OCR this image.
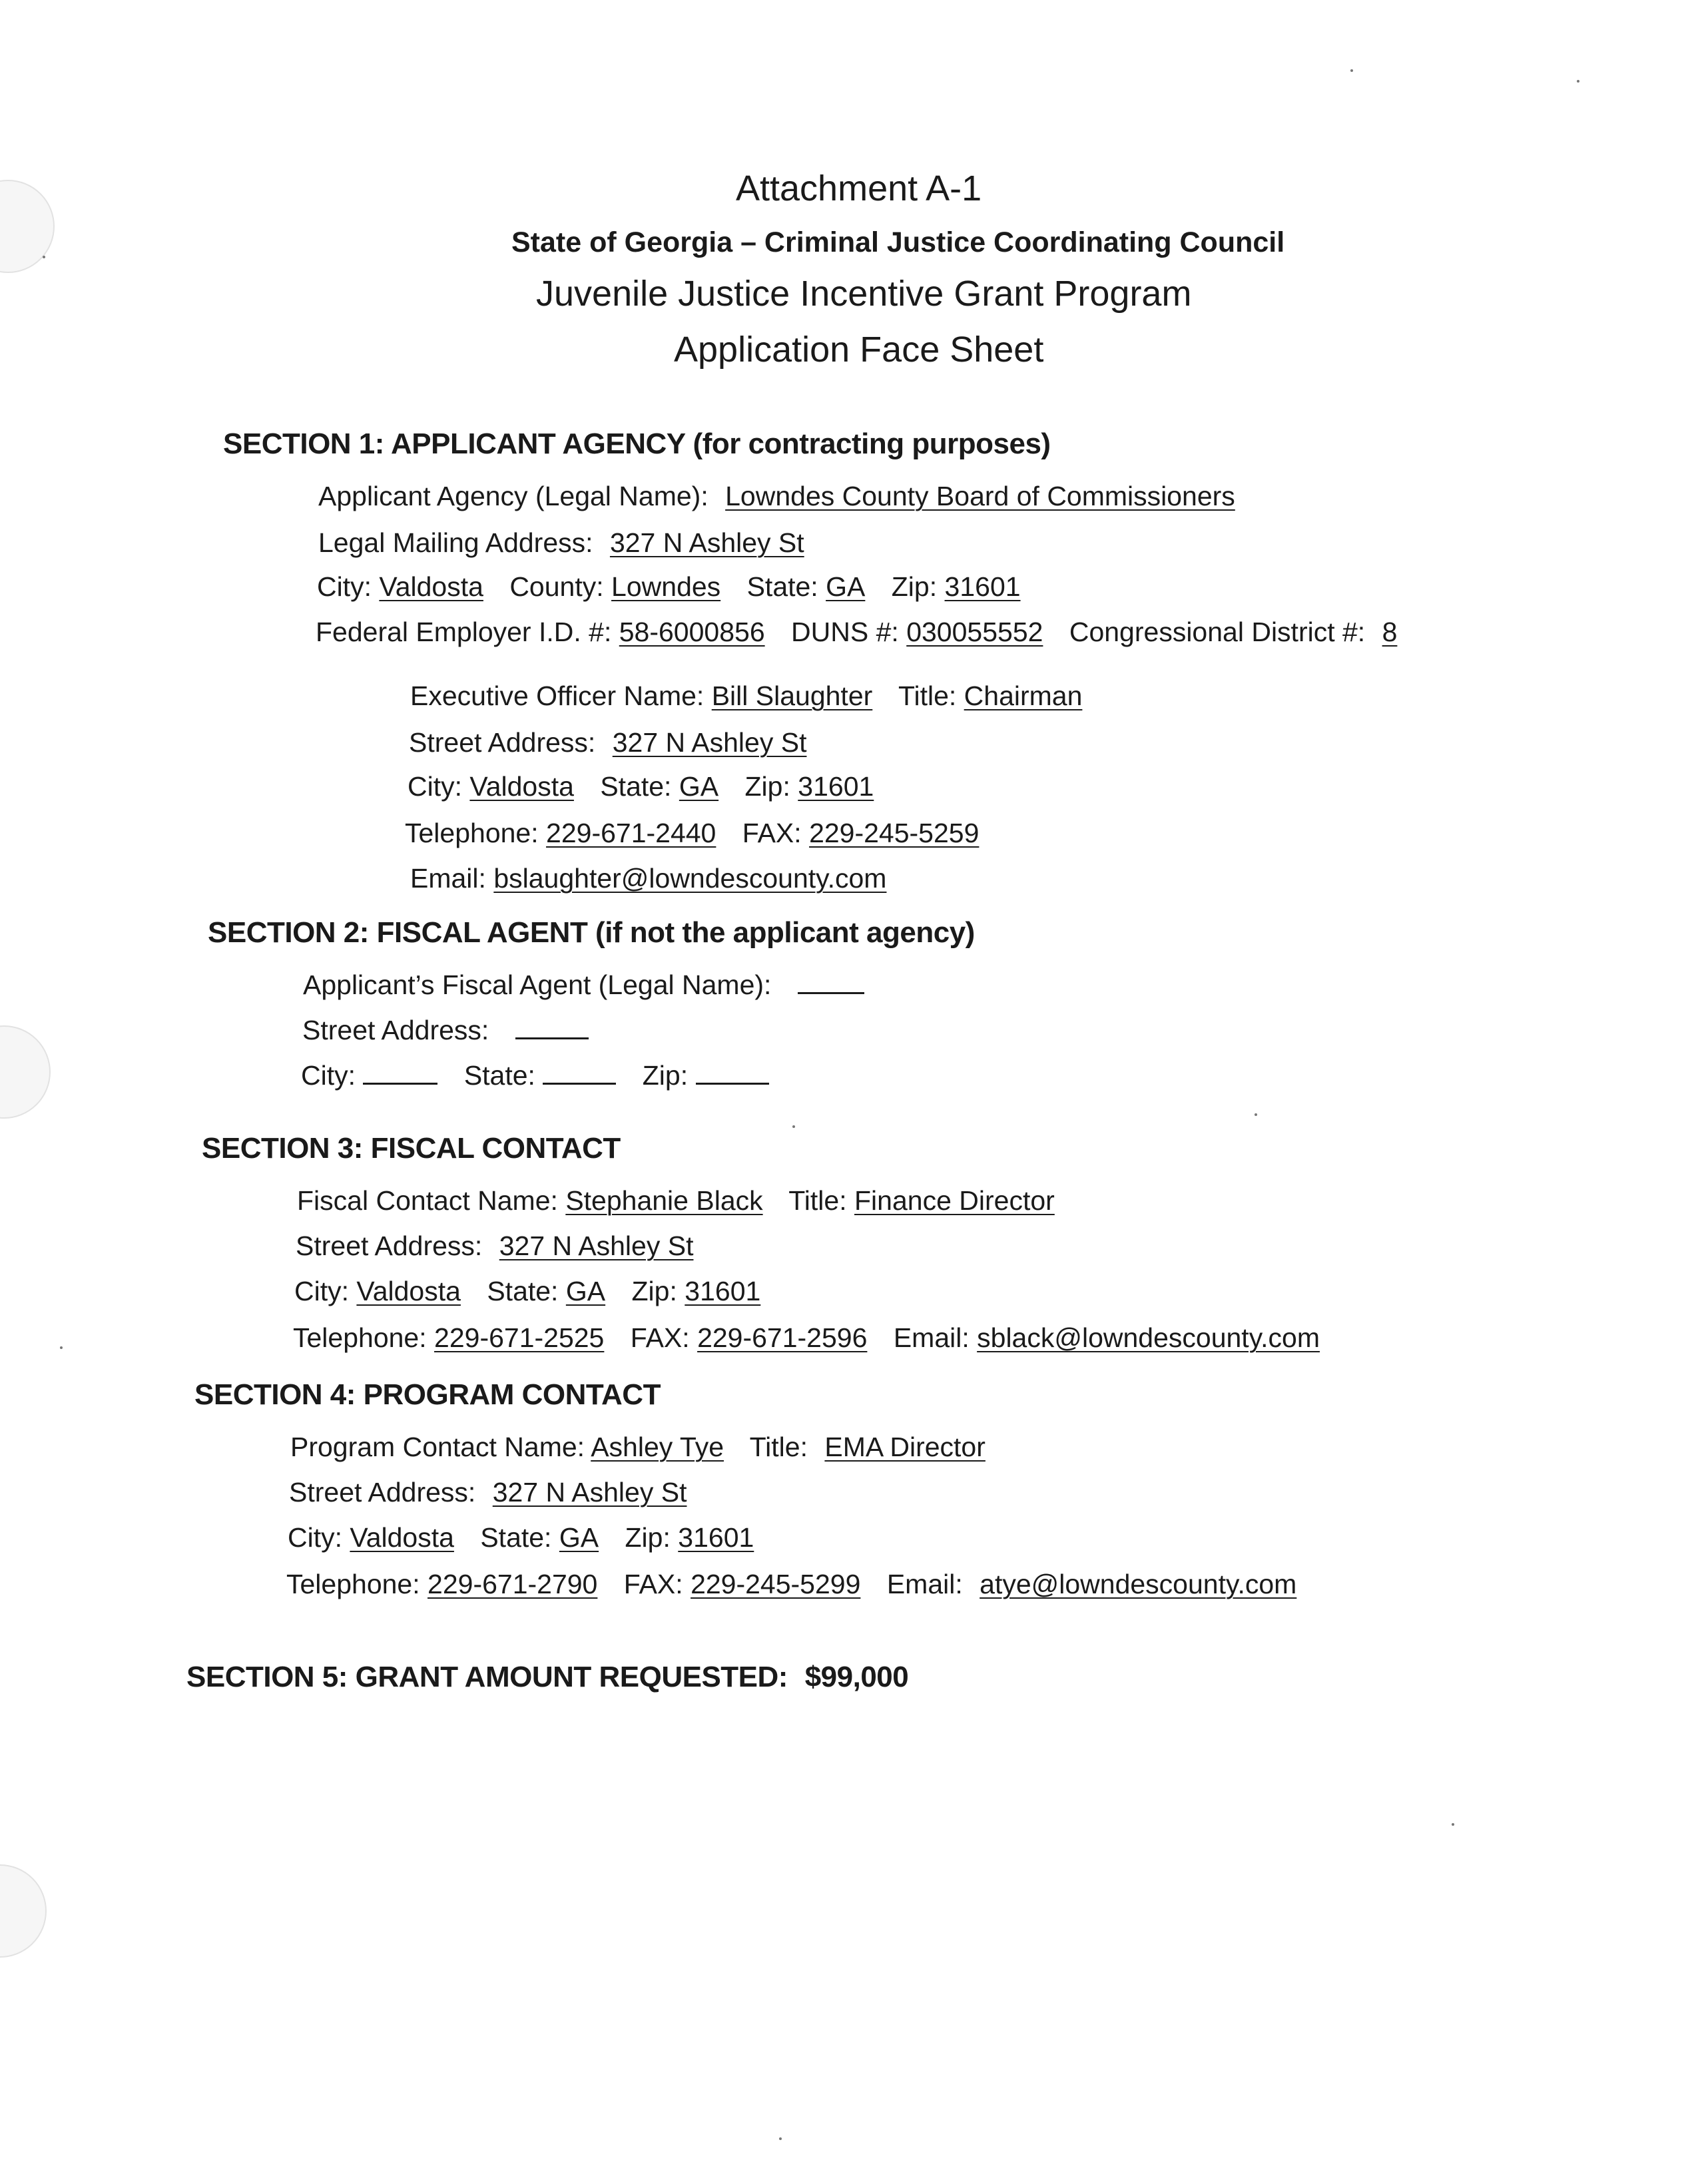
Attachment A-1
State of Georgia – Criminal Justice Coordinating Council
Juvenile Justice Incentive Grant Program
Application Face Sheet
SECTION 1: APPLICANT AGENCY (for contracting purposes)
Applicant Agency (Legal Name): Lowndes County Board of Commissioners
Legal Mailing Address: 327 N Ashley St
City: Valdosta County: Lowndes State: GA Zip: 31601
Federal Employer I.D. #: 58-6000856 DUNS #: 030055552 Congressional District #: 8
Executive Officer Name: Bill Slaughter Title: Chairman
Street Address: 327 N Ashley St
City: Valdosta State: GA Zip: 31601
Telephone: 229-671-2440 FAX: 229-245-5259
Email: bslaughter@lowndescounty.com
SECTION 2: FISCAL AGENT (if not the applicant agency)
Applicant’s Fiscal Agent (Legal Name):
Street Address:
City:	State:	Zip:
SECTION 3: FISCAL CONTACT
Fiscal Contact Name: Stephanie Black Title: Finance Director
Street Address: 327 N Ashley St
City: Valdosta State: GA Zip: 31601
Telephone: 229-671-2525 FAX: 229-671-2596 Email: sblack@lowndescounty.com
SECTION 4: PROGRAM CONTACT
Program Contact Name: Ashley Tye Title: EMA Director
Street Address: 327 N Ashley St
City: Valdosta State: GA Zip: 31601
Telephone: 229-671-2790 FAX: 229-245-5299 Email: atye@lowndescounty.com
SECTION 5: GRANT AMOUNT REQUESTED: $99,000
